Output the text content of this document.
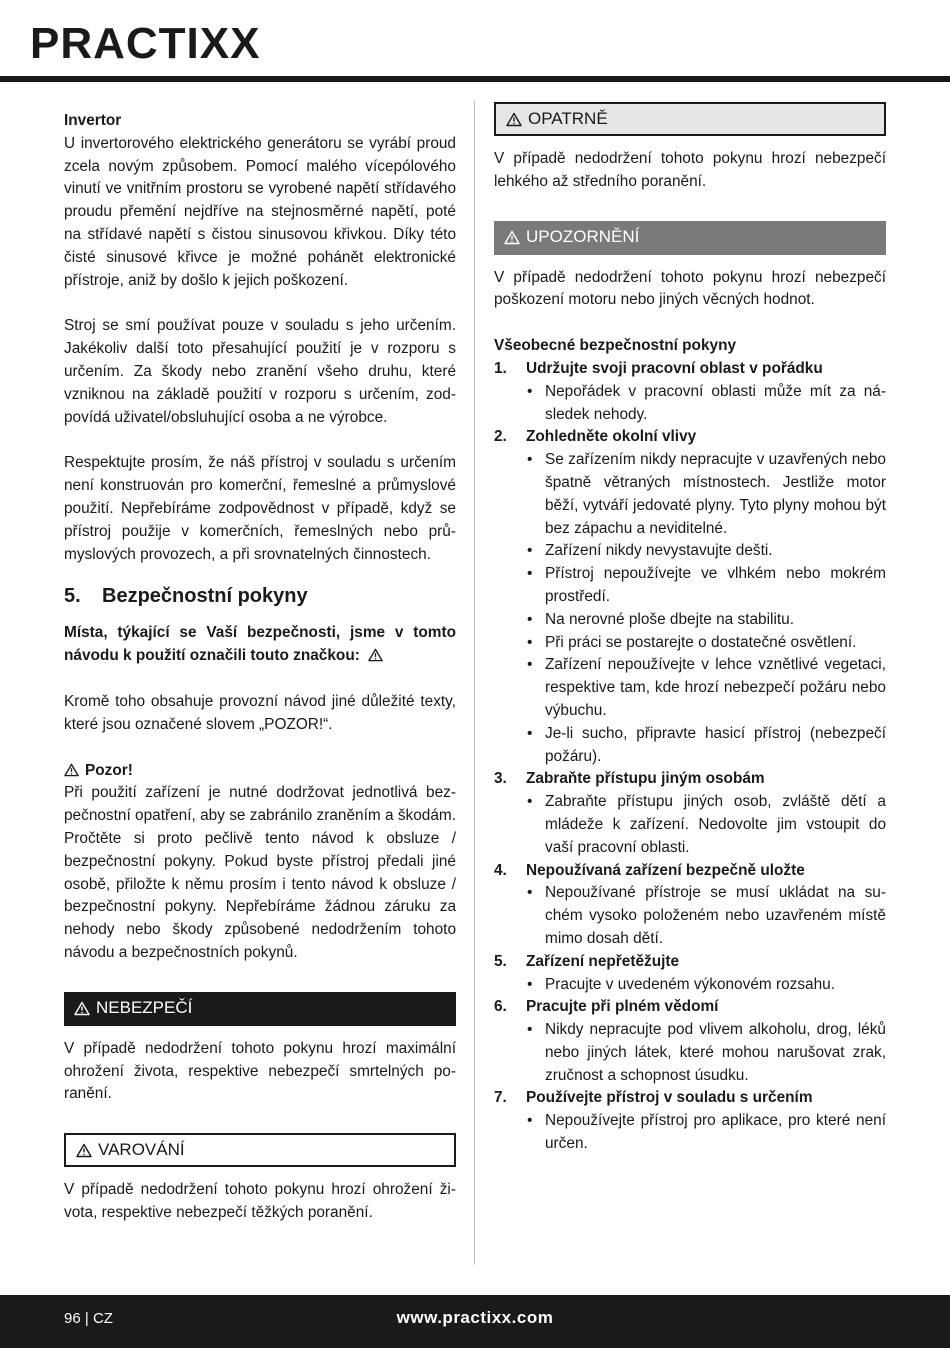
PRACTIXX
Invertor

U invertorového elektrického generátoru se vyrábí proud zcela novým způsobem. Pomocí malého vícepólového vinutí ve vnitřním prostoru se vyrobené napětí střídavého proudu přemění nejdříve na stejnosměrné napětí, poté na střídavé napětí s čistou sinusovou křivkou. Díky této čisté sinusové křivce je možné pohánět elektronické přístroje, aniž by došlo k jejich poškození.

Stroj se smí používat pouze v souladu s jeho určením. Jakékoliv další toto přesahující použití je v rozporu s určením. Za škody nebo zranění všeho druhu, které vzniknou na základě použití v rozporu s určením, zodpovídá uživatel/obsluhující osoba a ne výrobce.

Respektujte prosím, že náš přístroj v souladu s určením není konstruován pro komerční, řemeslné a průmyslové použití. Nepřebíráme zodpovědnost v případě, když se přístroj použije v komerčních, řemeslných nebo průmyslových provozech, a při srovnatelných činnostech.

5.	Bezpečnostní pokyny

Místa, týkající se Vaší bezpečnosti, jsme v tomto návodu k použití označili touto značkou:

Kromě toho obsahuje provozní návod jiné důležité texty, které jsou označené slovem „POZOR!“.

Pozor!

Při použití zařízení je nutné dodržovat jednotlivá bezpečnostní opatření, aby se zabránilo zraněním a škodám. Pročtěte si proto pečlivě tento návod k obsluze / bezpečnostní pokyny. Pokud byste přístroj předali jiné osobě, přiložte k němu prosím i tento návod k obsluze / bezpečnostní pokyny. Nepřebíráme žádnou záruku za nehody nebo škody způsobené nedodržením tohoto návodu a bezpečnostních pokynů.

NEBEZPEČÍ

V případě nedodržení tohoto pokynu hrozí maximální ohrožení života, respektive nebezpečí smrtelných poranění.

VAROVÁNÍ

V případě nedodržení tohoto pokynu hrozí ohrožení života, respektive nebezpečí těžkých poranění.

OPATRNĚ

V případě nedodržení tohoto pokynu hrozí nebezpečí lehkého až středního poranění.

UPOZORNĚNÍ

V případě nedodržení tohoto pokynu hrozí nebezpečí poškození motoru nebo jiných věcných hodnot.

Všeobecné bezpečnostní pokyny
1.	Udržujte svoji pracovní oblast v pořádku
• Nepořádek v pracovní oblasti může mít za následek nehody.
2.	Zohledněte okolní vlivy
• Se zařízením nikdy nepracujte v uzavřených nebo špatně větraných místnostech. Jestliže motor běží, vytváří jedovaté plyny. Tyto plyny mohou být bez zápachu a neviditelné.
• Zařízení nikdy nevystavujte dešti.
• Přístroj nepoužívejte ve vlhkém nebo mokrém prostředí.
• Na nerovné ploše dbejte na stabilitu.
• Při práci se postarejte o dostatečné osvětlení.
• Zařízení nepoužívejte v lehce vznětlivé vegetaci, respektive tam, kde hrozí nebezpečí požáru nebo výbuchu.
• Je-li sucho, připravte hasicí přístroj (nebezpečí požáru).
3.	Zabraňte přístupu jiným osobám
• Zabraňte přístupu jiných osob, zvláště dětí a mládeže k zařízení. Nedovolte jim vstoupit do vaší pracovní oblasti.
4.	Nepoužívaná zařízení bezpečně uložte
• Nepoužívané přístroje se musí ukládat na suchém vysoko položeném nebo uzavřeném místě mimo dosah dětí.
5.	Zařízení nepřetěžujte
• Pracujte v uvedeném výkonovém rozsahu.
6.	Pracujte při plném vědomí
• Nikdy nepracujte pod vlivem alkoholu, drog, léků nebo jiných látek, které mohou narušovat zrak, zručnost a schopnost úsudku.
7.	Používejte přístroj v souladu s určením
• Nepoužívejte přístroj pro aplikace, pro které není určen.
96 | CZ	www.practixx.com
